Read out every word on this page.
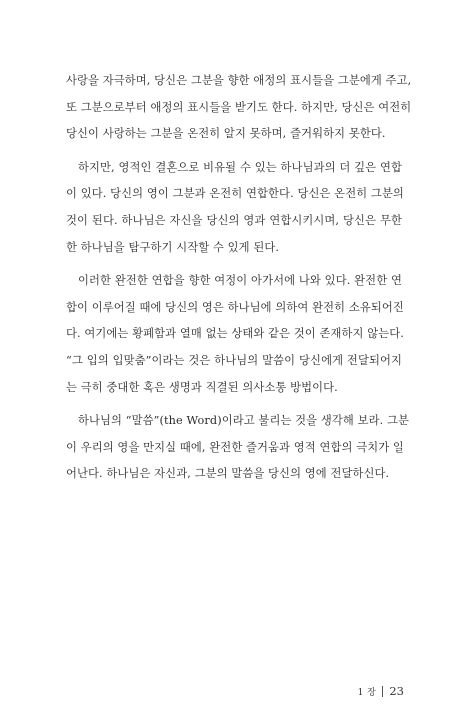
사랑을 자극하며, 당신은 그분을 향한 애정의 표시들을 그분에게 주고,
또 그분으로부터 애정의 표시들을 받기도 한다. 하지만, 당신은 여전히
당신이 사랑하는 그분을 온전히 알지 못하며, 즐거워하지 못한다.

하지만, 영적인 결혼으로 비유될 수 있는 하나님과의 더 깊은 연합
이 있다. 당신의 영이 그분과 온전히 연합한다. 당신은 온전히 그분의
것이 된다. 하나님은 자신을 당신의 영과 연합시키시며, 당신은 무한
한 하나님을 탐구하기 시작할 수 있게 된다.

이러한 완전한 연합을 향한 여정이 아가서에 나와 있다. 완전한 연
합이 이루어질 때에 당신의 영은 하나님에 의하여 완전히 소유되어진
다. 여기에는 황폐함과 열매 없는 상태와 같은 것이 존재하지 않는다.
“그 입의 입맞춤”이라는 것은 하나님의 말씀이 당신에게 전달되어지
는 극히 중대한 혹은 생명과 직결된 의사소통 방법이다.

하나님의 “말씀”(the Word)이라고 불리는 것을 생각해 보라. 그분
이 우리의 영을 만지실 때에, 완전한 즐거움과 영적 연합의 극치가 일
어난다. 하나님은 자신과, 그분의 말씀을 당신의 영에 전달하신다.

1 장 23
